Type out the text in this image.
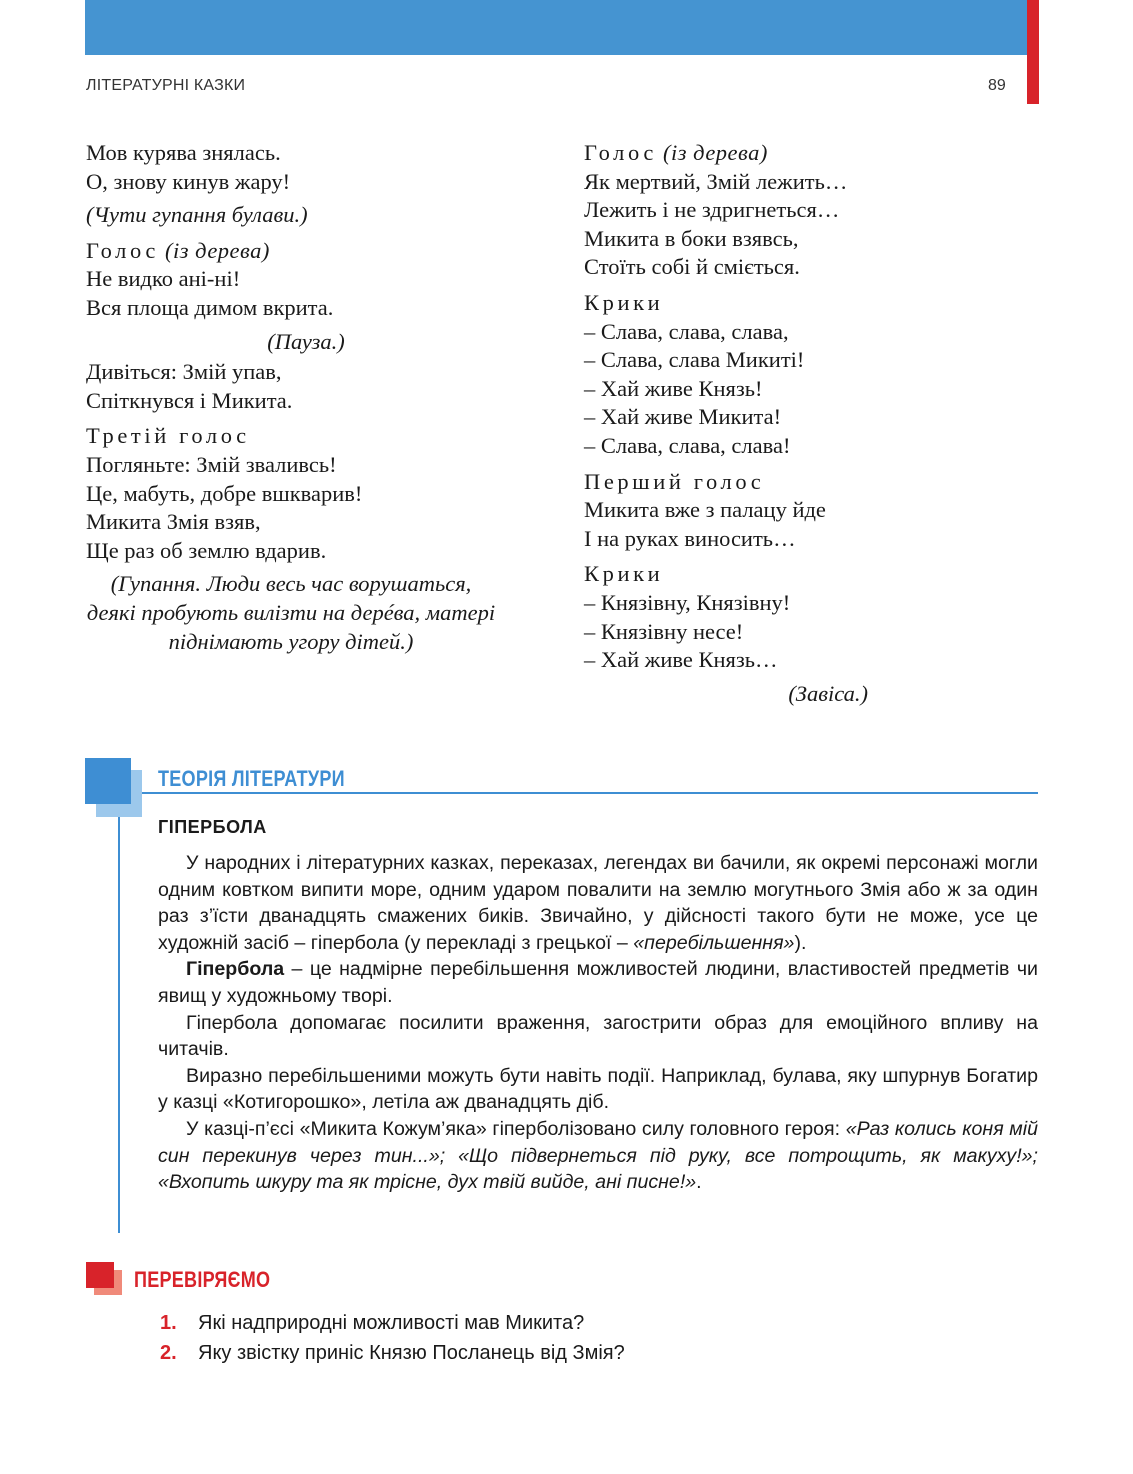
ЛІТЕРАТУРНІ КАЗКИ	89
Мов курява знялась.
О, знову кинув жару!
(Чути гупання булави.)
Голос (із дерева)
Не видко ані-ні!
Вся площа димом вкрита.
(Пауза.)
Дивіться: Змій упав,
Спіткнувся і Микита.
Третій голос
Погляньте: Змій зваливсь!
Це, мабуть, добре вшкварив!
Микита Змія взяв,
Ще раз об землю вдарив.
(Гупання. Люди весь час ворушаться, деякі пробують вилізти на дерéва, матері піднімають угору дітей.)
Голос (із дерева)
Як мертвий, Змій лежить…
Лежить і не здригнеться…
Микита в боки взявсь,
Стоїть собі й сміється.
Крики
– Слава, слава, слава,
– Слава, слава Микиті!
– Хай живе Князь!
– Хай живе Микита!
– Слава, слава, слава!
Перший голос
Микита вже з палацу йде
І на руках виносить…
Крики
– Князівну, Князівну!
– Князівну несе!
– Хай живе Князь…
(Завіса.)
ТЕОРІЯ ЛІТЕРАТУРИ
ГІПЕРБОЛА

У народних і літературних казках, переказах, легендах ви бачили, як окремі персонажі могли одним ковтком випити море, одним ударом повалити на землю могутнього Змія або ж за один раз з’їсти дванадцять смажених биків. Звичайно, у дійсності такого бути не може, усе це художній засіб – гіпербола (у перекладі з грецької – «перебільшення»).

Гіпербола – це надмірне перебільшення можливостей людини, властивостей предметів чи явищ у художньому творі.

Гіпербола допомагає посилити враження, загострити образ для емоційного впливу на читачів.

Виразно перебільшеними можуть бути навіть події. Наприклад, булава, яку шпурнув Богатир у казці «Котигорошко», летіла аж дванадцять діб.

У казці-п’єсі «Микита Кожум’яка» гіперболізовано силу головного героя: «Раз колись коня мій син перекинув через тин...»; «Що підвернеться під руку, все потрощить, як макуху!»; «Вхопить шкуру та як трісне, дух твій вийде, ані писне!».

ПЕРЕВІРЯЄМО
1.	Які надприродні можливості мав Микита?
2.	Яку звістку приніс Князю Посланець від Змія?
